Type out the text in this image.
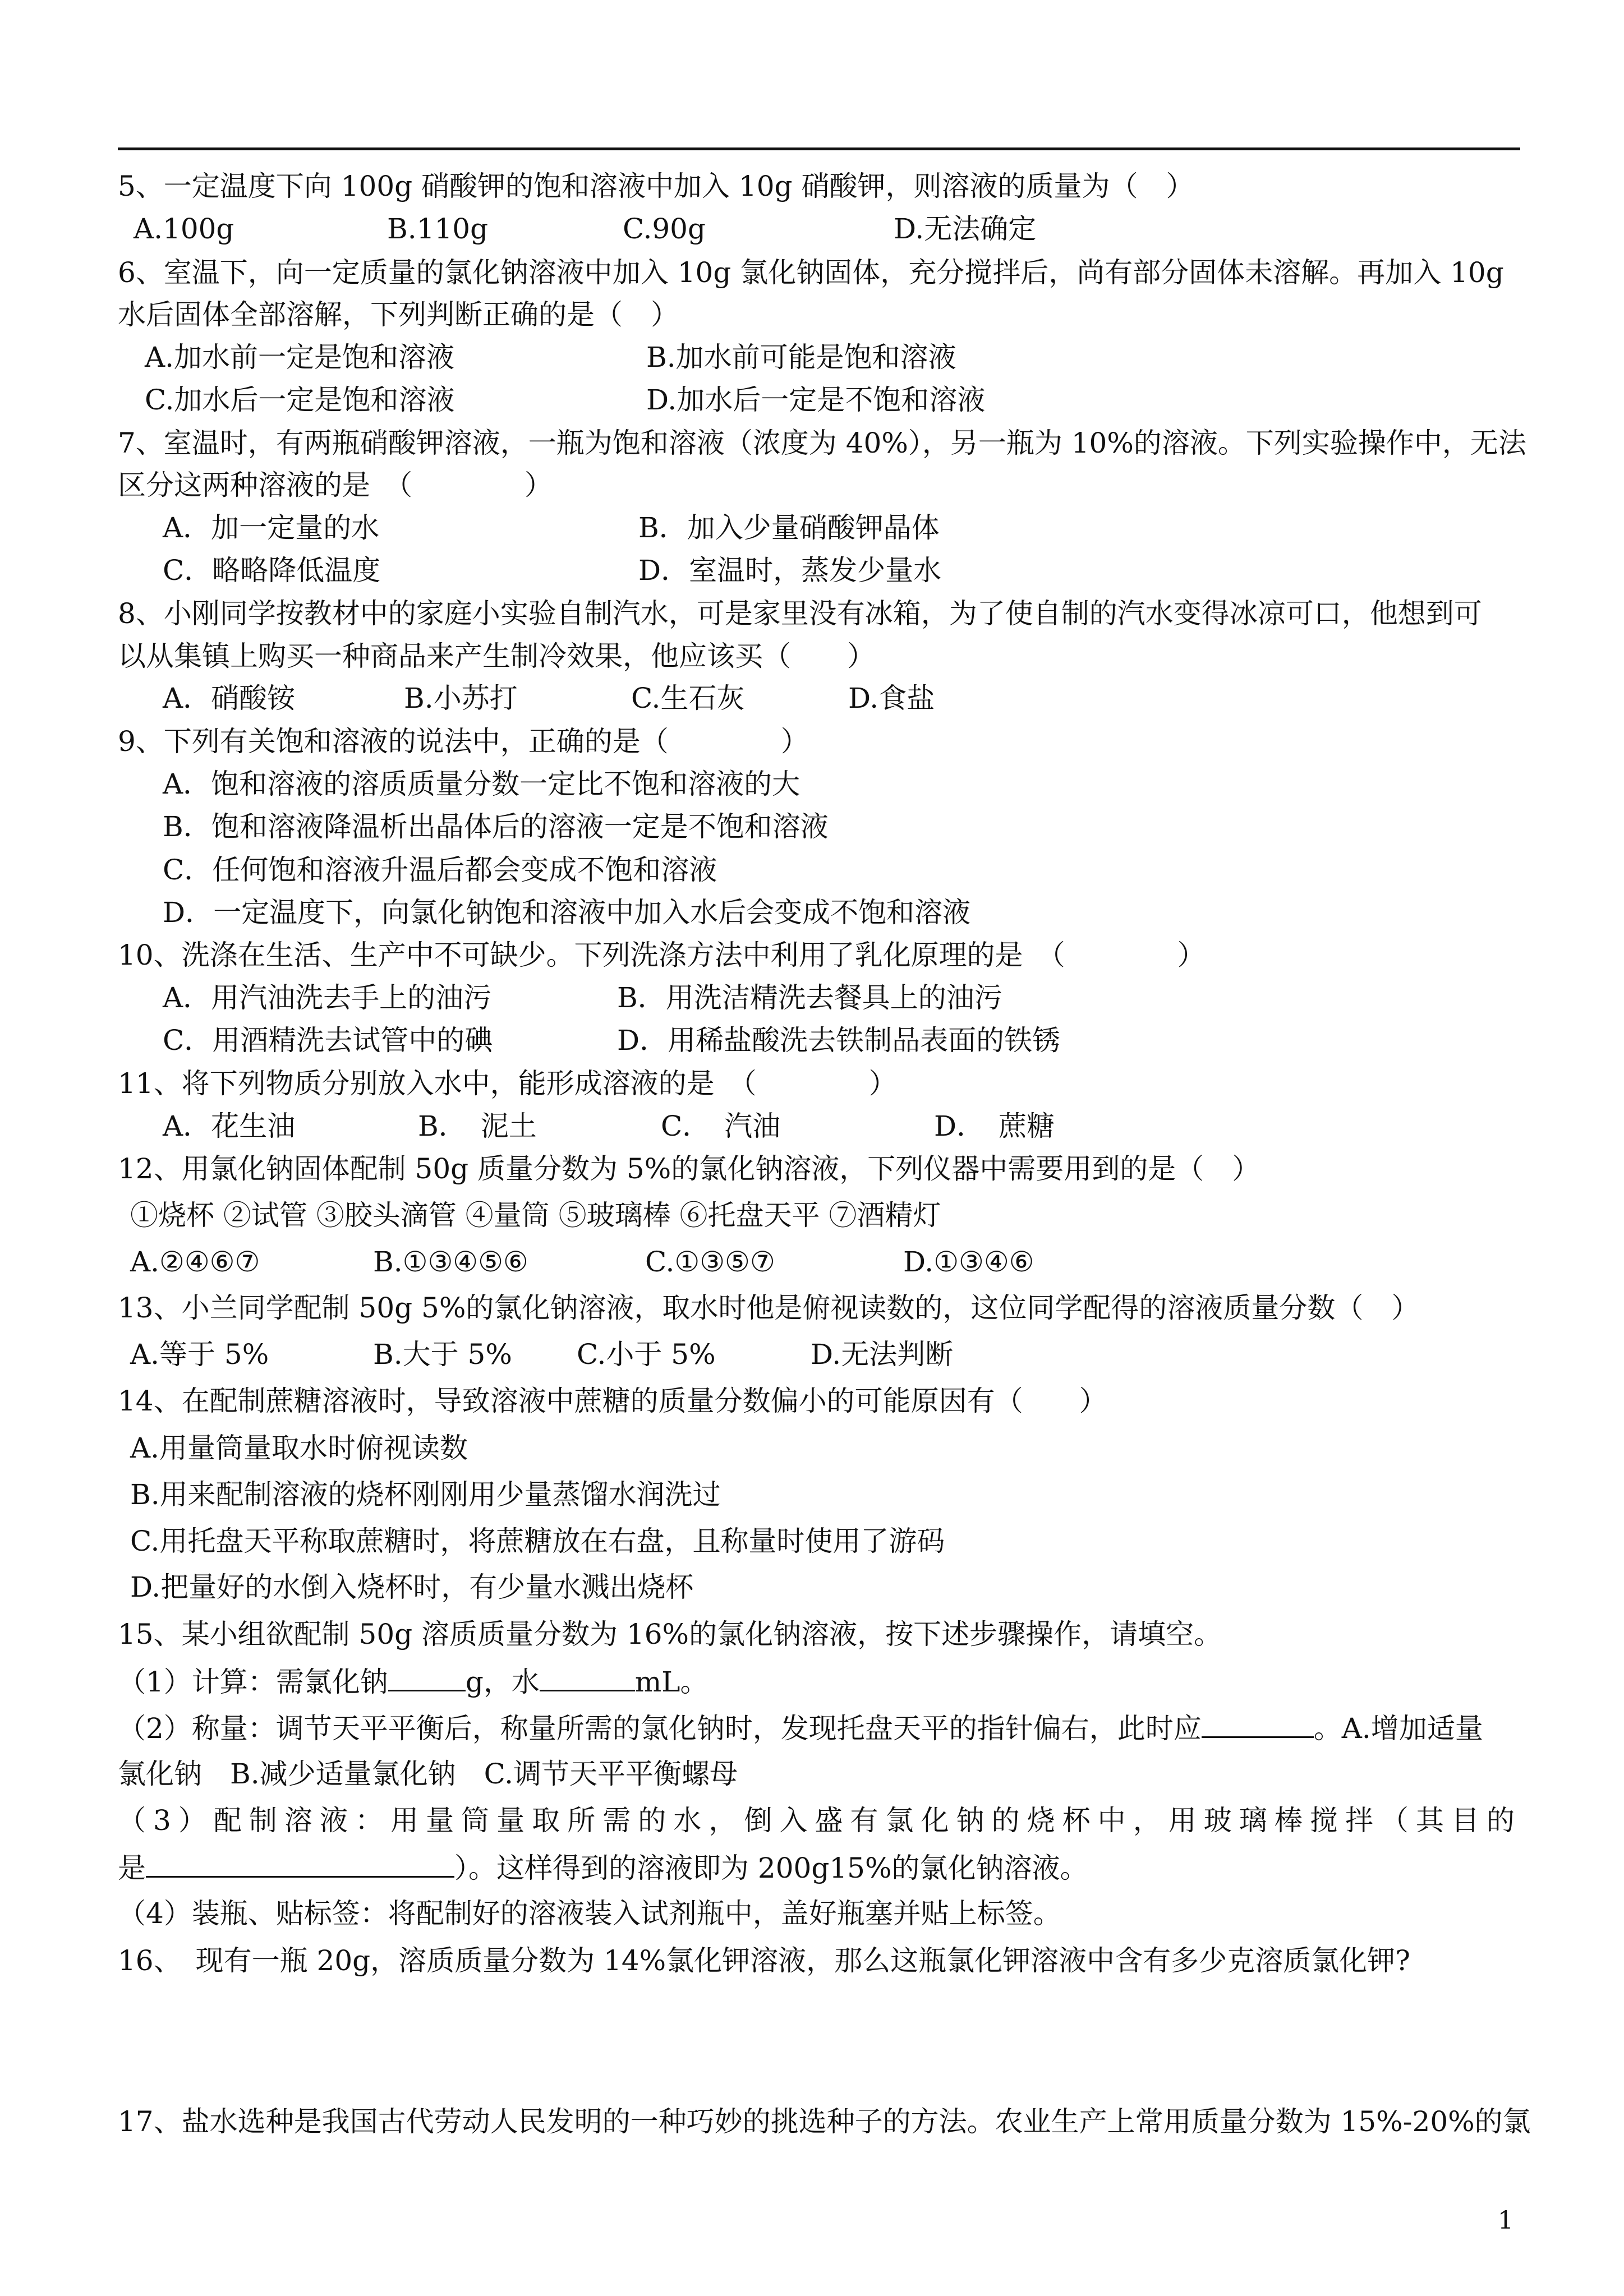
5、一定温度下向 100g 硝酸钾的饱和溶液中加入 10g 硝酸钾，则溶液的质量为（　）
A.100g	B.110g	C.90g	D.无法确定
6、室温下，向一定质量的氯化钠溶液中加入 10g 氯化钠固体，充分搅拌后，尚有部分固体未溶解。再加入 10g
水后固体全部溶解，下列判断正确的是（　）
A.加水前一定是饱和溶液	B.加水前可能是饱和溶液
C.加水后一定是饱和溶液	D.加水后一定是不饱和溶液
7、室温时，有两瓶硝酸钾溶液，一瓶为饱和溶液（浓度为 40%），另一瓶为 10%的溶液。下列实验操作中，无法
区分这两种溶液的是　（　　　　）
A．加一定量的水	B．加入少量硝酸钾晶体
C．略略降低温度	D．室温时，蒸发少量水
8、小刚同学按教材中的家庭小实验自制汽水，可是家里没有冰箱，为了使自制的汽水变得冰凉可口，他想到可
以从集镇上购买一种商品来产生制冷效果，他应该买（　　）
A．硝酸铵	B.小苏打	C.生石灰	D.食盐
9、下列有关饱和溶液的说法中，正确的是（　　　　）
A．饱和溶液的溶质质量分数一定比不饱和溶液的大
B．饱和溶液降温析出晶体后的溶液一定是不饱和溶液
C．任何饱和溶液升温后都会变成不饱和溶液
D．一定温度下，向氯化钠饱和溶液中加入水后会变成不饱和溶液
10、洗涤在生活、生产中不可缺少。下列洗涤方法中利用了乳化原理的是　（　　　　）
A．用汽油洗去手上的油污	B．用洗洁精洗去餐具上的油污
C．用酒精洗去试管中的碘	D．用稀盐酸洗去铁制品表面的铁锈
11、将下列物质分别放入水中，能形成溶液的是　（　　　　）
A．花生油	B．　泥土	C．　汽油	D．　蔗糖
12、用氯化钠固体配制 50g 质量分数为 5%的氯化钠溶液，下列仪器中需要用到的是（　）
①烧杯 ②试管 ③胶头滴管 ④量筒 ⑤玻璃棒 ⑥托盘天平 ⑦酒精灯
A.②④⑥⑦	B.①③④⑤⑥	C.①③⑤⑦	D.①③④⑥
13、小兰同学配制 50g 5%的氯化钠溶液，取水时他是俯视读数的，这位同学配得的溶液质量分数（　）
A.等于 5%	B.大于 5% C.小于 5%	D.无法判断
14、在配制蔗糖溶液时，导致溶液中蔗糖的质量分数偏小的可能原因有（　　）
A.用量筒量取水时俯视读数
B.用来配制溶液的烧杯刚刚用少量蒸馏水润洗过
C.用托盘天平称取蔗糖时，将蔗糖放在右盘，且称量时使用了游码
D.把量好的水倒入烧杯时，有少量水溅出烧杯
15、某小组欲配制 50g 溶质质量分数为 16%的氯化钠溶液，按下述步骤操作，请填空。
（1）计算：需氯化钠	g，水	mL。
（2）称量：调节天平平衡后，称量所需的氯化钠时，发现托盘天平的指针偏右，此时应	。A.增加适量
氯化钠　B.减少适量氯化钠　C.调节天平平衡螺母
（3）配制溶液：用量筒量取所需的水，倒入盛有氯化钠的烧杯中，用玻璃棒搅拌（其目的
是	）。这样得到的溶液即为 200g15%的氯化钠溶液。
（4）装瓶、贴标签：将配制好的溶液装入试剂瓶中，盖好瓶塞并贴上标签。
16、　现有一瓶 20g，溶质质量分数为 14%氯化钾溶液，那么这瓶氯化钾溶液中含有多少克溶质氯化钾?
17、盐水选种是我国古代劳动人民发明的一种巧妙的挑选种子的方法。农业生产上常用质量分数为 15%-20%的氯
1
